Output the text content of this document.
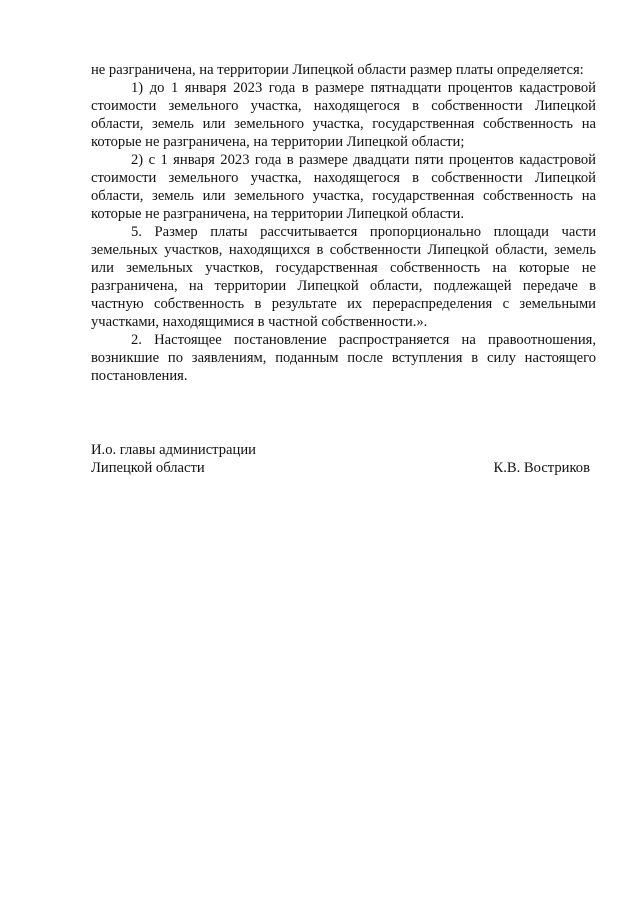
не разграничена, на территории Липецкой области размер платы определяется:

1) до 1 января 2023 года в размере пятнадцати процентов кадастровой стоимости земельного участка, находящегося в собственности Липецкой области, земель или земельного участка, государственная собственность на которые не разграничена, на территории Липецкой области;

2) с 1 января 2023 года в размере двадцати пяти процентов кадастровой стоимости земельного участка, находящегося в собственности Липецкой области, земель или земельного участка, государственная собственность на которые не разграничена, на территории Липецкой области.

5. Размер платы рассчитывается пропорционально площади части земельных участков, находящихся в собственности Липецкой области, земель или земельных участков, государственная собственность на которые не разграничена, на территории Липецкой области, подлежащей передаче в частную собственность в результате их перераспределения с земельными участками, находящимися в частной собственности.».

2. Настоящее постановление распространяется на правоотношения, возникшие по заявлениям, поданным после вступления в силу настоящего постановления.

И.о. главы администрации
Липецкой области	К.В. Востриков
